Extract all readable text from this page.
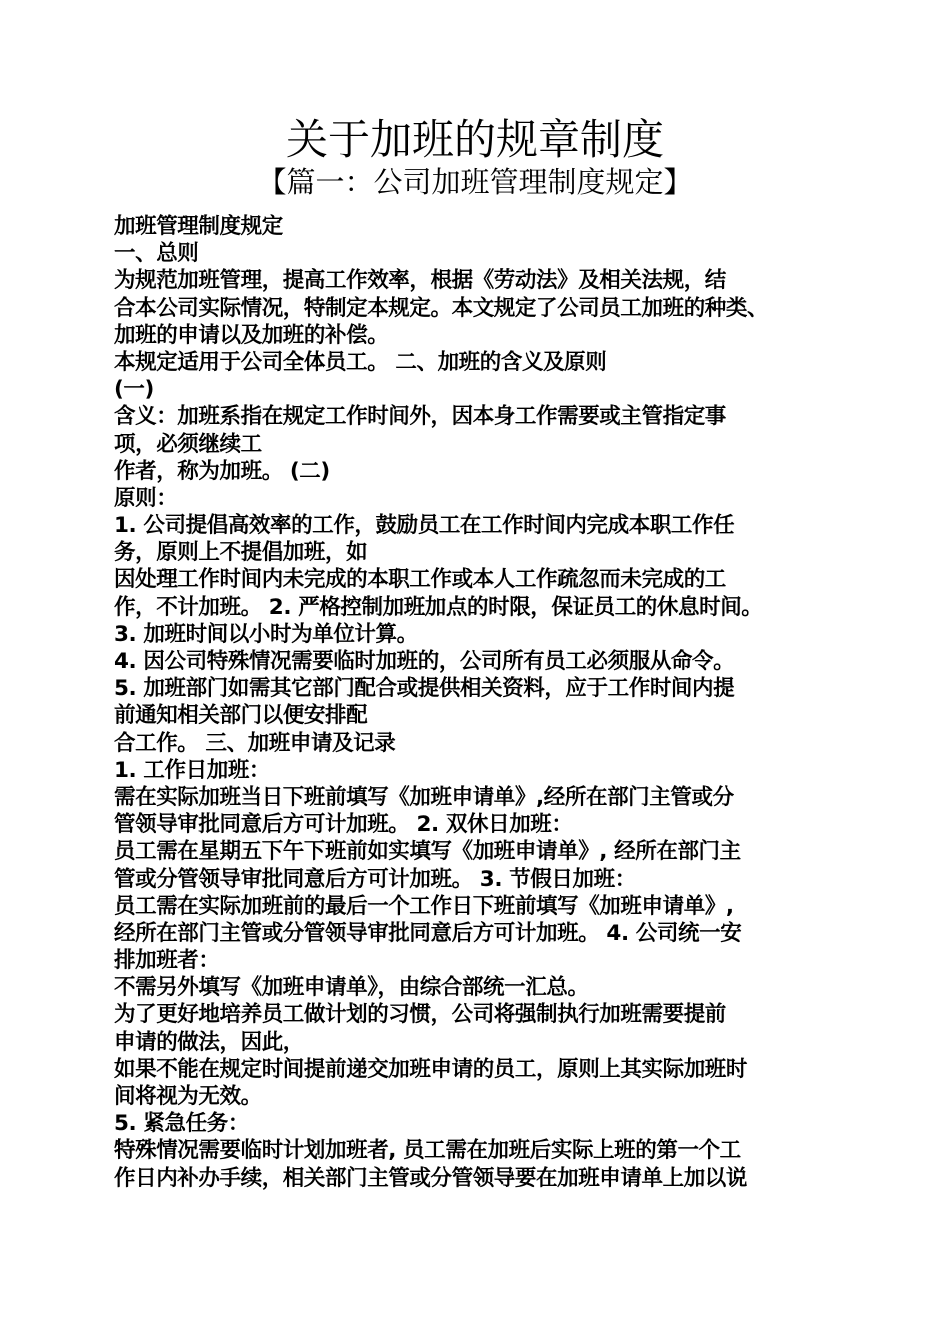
关于加班的规章制度
【篇一：公司加班管理制度规定】
加班管理制度规定
一、总则
为规范加班管理，提高工作效率，根据《劳动法》及相关法规，结
合本公司实际情况，特制定本规定。本文规定了公司员工加班的种类、
加班的申请以及加班的补偿。
本规定适用于公司全体员工。 二、加班的含义及原则
(一)
含义：加班系指在规定工作时间外，因本身工作需要或主管指定事
项，必须继续工
作者，称为加班。 (二)
原则：
1. 公司提倡高效率的工作，鼓励员工在工作时间内完成本职工作任
务，原则上不提倡加班，如
因处理工作时间内未完成的本职工作或本人工作疏忽而未完成的工
作，不计加班。 2. 严格控制加班加点的时限，保证员工的休息时间。
3. 加班时间以小时为单位计算。
4. 因公司特殊情况需要临时加班的，公司所有员工必须服从命令。
5. 加班部门如需其它部门配合或提供相关资料，应于工作时间内提
前通知相关部门以便安排配
合工作。 三、加班申请及记录
1. 工作日加班：
需在实际加班当日下班前填写《加班申请单》,经所在部门主管或分
管领导审批同意后方可计加班。 2. 双休日加班：
员工需在星期五下午下班前如实填写《加班申请单》, 经所在部门主
管或分管领导审批同意后方可计加班。 3. 节假日加班：
员工需在实际加班前的最后一个工作日下班前填写《加班申请单》,
经所在部门主管或分管领导审批同意后方可计加班。 4. 公司统一安
排加班者：
不需另外填写《加班申请单》，由综合部统一汇总。
为了更好地培养员工做计划的习惯，公司将强制执行加班需要提前
申请的做法，因此，
如果不能在规定时间提前递交加班申请的员工，原则上其实际加班时
间将视为无效。
5. 紧急任务：
特殊情况需要临时计划加班者, 员工需在加班后实际上班的第一个工
作日内补办手续，相关部门主管或分管领导要在加班申请单上加以说
